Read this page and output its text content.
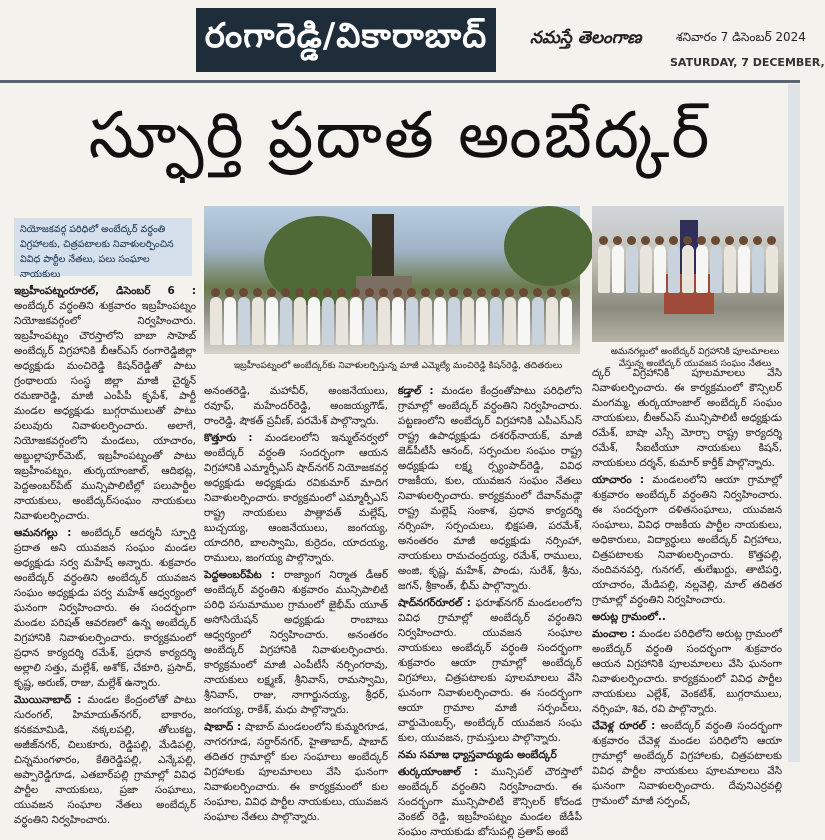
రంగారెడ్డి/వికారాబాద్	నమస్తే తెలంగాణ	శనివారం 7 డిసెంబర్ 2024
SATURDAY, 7 DECEMBER,
స్ఫూర్తి ప్రదాత అంబేద్కర్
నియోజకవర్గ పరిధిలో అంబేద్కర్ వర్ధంతి విగ్రహాలకు, చిత్రపటాలకు నివాళులర్పించిన వివిధ పార్టీల నేతలు, పలు సంఘాల నాయకులు
ఇబ్రహీంపట్నంలో అంబేద్కర్‌కు నివాళులర్పిస్తున్న మాజీ ఎమ్మెల్యే మంచిరెడ్డి కిషన్‌రెడ్డి, తదితరులు
అమనగల్లులో అంబేద్కర్ విగ్రహానికి పూలమాలలు వేస్తున్న అంబేద్కర్ యువజన సంఘం నేతలు

ఇబ్రహీంపట్నంరూరల్, డిసెంబర్ 6 : అంబేద్కర్ వర్ధంతిని శుక్రవారం ఇబ్రహీంపట్నం నియోజకవర్గంలో నిర్వహించారు. ఇబ్రహీంపట్నం చౌరస్తాలోని బాబా సాహెబ్ అంబేద్కర్ విగ్రహానికి బీఆర్ఎస్ రంగారెడ్డిజిల్లా అధ్యక్షుడు మంచిరెడ్డి కిషన్‌రెడ్డితో పాటు గ్రంథాలయ సంస్థ జిల్లా మాజీ చైర్మన్ రమణారెడ్డి, మాజీ ఎంపీపీ కృపేశ్, పార్టీ మండల అధ్యక్షుడు బుగ్గరాములుతో పాటు పలువురు నివాళులర్పించారు. అలాగే, నియోజకవర్గంలోని మండలు, యాచారం, అబ్దుల్లాపూర్‌మెట్, ఇబ్రహీంపట్నంతో పాటు ఇబ్రహీంపట్నం, తుర్కయాంజాల్, ఆదిభట్ల, పెద్దఅంబర్‌పేట్ మున్సిపాలిటీల్లో పలుపార్టీల నాయకులు, అంబేద్కర్‌సంఘం నాయకులు నివాళులర్పించారు.

ఆమనగల్లు : అంబేద్కర్ ఆదర్శనీ స్ఫూర్తి ప్రదాత అని యువజన సంఘం మండల అధ్యక్షుడు సర్వ మహేష్ అన్నారు. శుక్రవారం అంబేద్కర్ వర్ధంతిని అంబేద్కర్ యువజన సంఘం అధ్యక్షుడు పర్వ మహేశ్ ఆధ్వర్యంలో ఘనంగా నిర్వహించారు. ఈ సందర్భంగా మండల పరిషత్ ఆవరణలో ఉన్న అంబేద్కర్ విగ్రహానికి నివాళులర్పించారు. కార్యక్రమంలో ప్రధాన కార్యదర్శి రమేశ్, ప్రధాన కార్యదర్శి అల్లాలి సత్తు, మల్లేశ్, అశోక్, చేకూరి, ప్రసాద్, కృష్ణ, అరుణ్, రాజు, మల్లేశ్ ఉన్నారు.

మొయినాబాద్ : మండల కేంద్రంలోతో పాటు సురంగల్, హిమాయత్‌నగర్, బాకారం, కనకమామిడి, నక్కలపల్లి, తోలుకట్ట, అజీజ్‌నగర్, చిలుకూరు, రెడ్డిపల్లి, మేడిపల్లి, చిన్నమంగళారం, కేతిరెడ్డిపల్లి, ఎన్కేపల్లి, అప్పారెడ్డిగూడ, ఎతబార్‌పల్లి గ్రామాల్లో వివిధ పార్టీల నాయకులు, ప్రజా సంఘాలు, యువజన సంఘాల నేతలు అంబేద్కర్ వర్ధంతిని నిర్వహించారు.

అనంతరెడ్డి, మహావీర్, అంజనేయులు, రవూఫ్, మహేందర్‌రెడ్డి, అంజయ్యగౌడ్, రాంరెడ్డి, షౌకత్ ప్రవీణ్, పరమేశ్ పాల్గొన్నారు.

కొత్తూరు : మండలంలోని ఇన్ముల్‌నర్వలో అంబేద్కర్ వర్ధంతి సందర్భంగా ఆయన విగ్రహానికి ఎమ్మార్పీఎస్ షాద్‌నగర్ నియోజకవర్గ అధ్యక్షుడు అధ్యక్షుడు రవికుమార్ మాదిగ నివాళులర్పించారు. కార్యక్రమంలో ఎమ్మార్పీఎస్ రాష్ట్ర నాయకులు పాత్లావత్ మల్లేష్, బుచ్చయ్య, ఆంజనేయులు, జంగయ్య, యాదగిరి, బాలస్వామి, కుర్రెదం, యాదయ్య, రాములు, జంగయ్య పాల్గొన్నారు.

పెద్దఅంబర్‌పేట : రాజ్యాంగ నిర్మాత డీఆర్ అంబేద్కర్ వర్ధంతిని శుక్రవారం మున్సిపాలిటీ పరిధి పసుమాముల గ్రామంలో జైభీమ్ యూత్ అసోసియేషన్ అధ్యక్షుడు రాంబాబు ఆధ్వర్యంలో నిర్వహించారు. అనంతరం అంబేద్కర్ విగ్రహానికి నివాళులర్పించారు. కార్యక్రమంలో మాజీ ఎంపీటీసీ నర్సింగరావు, నాయకులు లక్ష్మణ్, శ్రీనివాస్, రామస్వామి, శ్రీనివాస్, రాజు, నాగార్జునయ్య, శ్రీధర్, జంగయ్య, రాకేశ్, మధు పాల్గొన్నారు.

షాబాద్ : షాబాద్ మండలంలోని కుమ్మరిగూడ, నాగరగూడ, సర్దార్‌నగర్, హైతాబాద్, షాబాద్ తదితర గ్రామాల్లో కుల సంఘాలు అంబేద్కర్ విగ్రహాలకు పూలమాలలు వేసి ఘనంగా నివాళులర్పించారు. ఈ కార్యక్రమంలో కుల సంఘాల, వివిధ పార్టీల నాయకులు, యువజన సంఘాల నేతలు పాల్గొన్నారు.

కడ్తాల్ : మండల కేంద్రంతోపాటు పరిధిలోని గ్రామాల్లో అంబేద్కర్ వర్ధంతిని నిర్వహించారు. పట్టణంలోని అంబేద్కర్ విగ్రహానికి ఎపీఎస్‌ఎస్ రాష్ట్ర ఉపాధ్యక్షుడు దశరథ్‌నాయక్, మాజీ జెడ్‌పీటీసీ ఆనంద్, సర్పంచుల సంఘం రాష్ట్ర అధ్యక్షుడు లక్ష్మ ర్స్యంపాద్‌రెడ్డి, వివిధ రాజకీయ, కుల, యువజన సంఘం నేతలు నివాళులర్పించారు. కార్యక్రమంలో దేవాన్‌మడ్గౌ రాష్ట్ర మల్లెష్ సంకాశ, ప్రధాన కార్యదర్శి నర్సింహ, సర్పంచులు, భిక్షపతి, పరమేశ్, అనంతరం మాజీ అధ్యక్షుడు నర్సింహా, నాయకులు రామచంద్రయ్య, రమేశ్, రాములు, అంజి, కృష్ణ, మహేశ్, పాండు, సురేశ్, శ్రీను, జగన్, శ్రీకాంత్, భీమ్ పాల్గొన్నారు.

షాద్‌నగర్‌రూరల్ : ఫరూఖ్‌నగర్ మండలంలోని వివిధ గ్రామాల్లో అంబేద్కర్ వర్ధంతిని నిర్వహించారు. యువజన సంఘాల నాయకులు అంబేద్కర్ వర్ధంతి సందర్భంగా శుక్రవారం ఆయా గ్రామాల్లో అంబేద్కర్ విగ్రహాలు, చిత్రపటాలకు పూలమాలలు వేసి ఘనంగా నివాళులర్పించారు. ఈ సందర్భంగా ఆయా గ్రామాల మాజీ సర్పంచ్‌లు, వార్డుమెంబర్స్, అంబేద్కర్ యువజన సంఘ కుల, యువజన, గ్రామస్తులు పాల్గొన్నారు.

నమ సమాజ ధ్యాస్తవాద్యుడు అంబేద్కర్

తుర్కయాంజాల్ : మున్సిపల్ చౌరస్తాలో అంబేద్కర్ వర్ధంతిని నిర్వహించారు. ఈ సందర్భంగా మున్సిపాలిటీ కౌన్సిలర్ కోదండ వెంకట్ రెడ్డి, ఇబ్రహీంపట్నం మండల జేడీపీ సంఘం నాయకుడు బోసుపల్లి ప్రతాప్ అంబే

ద్కర్ విగ్రహానికి పూలమాలలు వేసి నివాళులర్పించారు. ఈ కార్యక్రమంలో కౌన్సిలర్ మంగమ్మ, తుర్కయాంజాల్ అంబేద్కర్ సంఘం నాయకులు, బీఆర్ఎస్ మున్సిపాలిటీ అధ్యక్షుడు రమేశ్, బాషా ఎస్సీ మోర్చా రాష్ట్ర కార్యదర్శి రమేశ్, సీఐటీయూ నాయకులు కిషన్, నాయకులు దర్శన్, కుమార్ కార్తీక్ పాల్గొన్నారు.

యాచారం : మండలంలోని ఆయా గ్రామాల్లో శుక్రవారం అంబేద్కర్ వర్ధంతిని నిర్వహించారు. ఈ సందర్భంగా దళితసంఘాలు, యువజన సంఘాలు, వివిధ రాజకీయ పార్టీల నాయకులు, అధికారులు, విద్యార్థులు అంబేద్కర్ విగ్రహాలు, చిత్రపటాలకు నివాళులర్పించారు. కొత్తపల్లి, నందివనపర్తి, గునగల్, తులేఖుర్దు, తాటిపర్తి, యాచారం, మేడిపల్లి, నల్లవెల్లి, మాల్ తదితర గ్రామాల్లో వర్ధంతిని నిర్వహించారు.

అరుట్ల గ్రామంలో..

మంచాల : మండల పరిధిలోని అరుట్ల గ్రామంలో అంబేద్కర్ వర్ధంతి సందర్భంగా శుక్రవారం ఆయన విగ్రహానికి పూలమాలలు వేసి ఘనంగా నివాళులర్పించారు. కార్యక్రమంలో వివిధ పార్టీల నాయకులు ఎల్లేశ్, వెంకటేశ్, బుగ్గరాములు, నర్సింహ, శివ, రవి పాల్గొన్నారు.

చేవెళ్ల రూరల్ : అంబేద్కర్ వర్ధంతి సందర్భంగా శుక్రవారం చేవెళ్ల మండల పరిధిలోని ఆయా గ్రామాల్లో అంబేద్కర్ విగ్రహాలకు, చిత్రపటాలకు వివిధ పార్టీల నాయకులు పూలమాలలు వేసి ఘనంగా నివాళులర్పించారు. దేవునిఎర్రవల్లి గ్రామంలో మాజీ సర్పంచ్,
